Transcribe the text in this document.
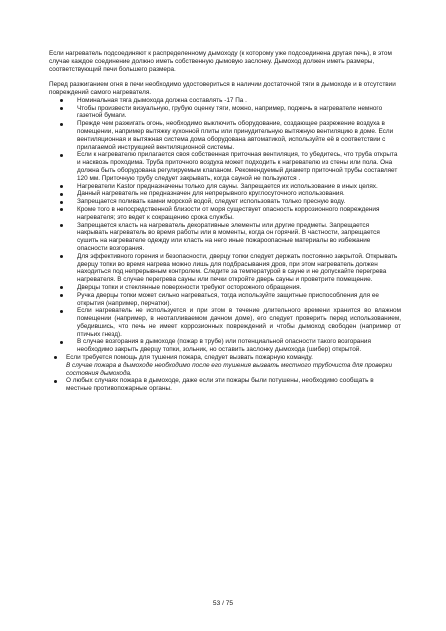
Если нагреватель подсоединяют к распределенному дымоходу (к которому уже подсоединена другая печь), в этом случае каждое соединение должно иметь собственную дымовую заслонку. Дымоход должен иметь размеры, соответствующий печи большего размера.

Перед разжиганием огня в печи необходимо удостовериться в наличии достаточной тяги в дымоходе и в отсутствии повреждений самого нагревателя.

Номинальная тяга дымохода должна составлять -17 Па .
Чтобы произвести визуальную, грубую оценку тяги, можно, например, поджечь в нагревателе немного газетной бумаги.
Прежде чем разжигать огонь, необходимо выключить оборудование, создающее разрежение воздуха в помещении, например вытяжку кухонной плиты или принудительную вытяжную вентиляцию в доме. Если вентиляционная и вытяжная система дома оборудована автоматикой, используйте её в соответствии с прилагаемой инструкцией вентиляционной системы.
Если к нагревателю прилагается своя собственная приточная вентиляция, то убедитесь, что труба открыта и насквозь проходима. Труба приточного воздуха может подходить к нагревателю из стены или пола. Она должна быть оборудована регулируемым клапаном. Рекомендуемый диаметр приточной трубы составляет 120 мм. Приточную трубу следует закрывать, когда сауной не пользуются .
Нагреватели Kastor предназначены только для сауны. Запрещается их использование в иных целях.
Данный нагреватель не предназначен для непрерывного круглосуточного использования.
Запрещается поливать камни морской водой, следует использовать только пресную воду.
Кроме того в непосредственной близости от моря существует опасность коррозионного повреждения нагревателя; это ведет к сокращению срока службы.
Запрещается класть на нагреватель декоративные элементы или другие предметы. Запрещается накрывать нагреватель во время работы или в моменты, когда он горячий. В частности, запрещается сушить на нагревателе одежду или класть на него иные пожароопасные материалы во избежание опасности возгорания.
Для эффективного горения и безопасности, дверцу топки следует держать постоянно закрытой. Открывать дверцу топки во время нагрева можно лишь для подбрасывания дров, при этом нагреватель должен находиться под непрерывным контролем. Следите за температурой в сауне и не допускайте перегрева нагревателя. В случае перегрева сауны или печки откройте дверь сауны и проветрите помещение.
Дверцы топки и стеклянные поверхности требуют осторожного обращения.
Ручка дверцы топки может сильно нагреваться, тогда используйте защитные приспособления для ее открытия (например, перчатки).
Если нагреватель не используется и при этом в течение длительного времени хранится во влажном помещении (например, в неотапливаемом дачном доме), его следует проверить перед использованием, убедившись, что печь не имеет коррозионных повреждений и чтобы дымоход свободен (например от птичьих гнезд).
В случае возгорания в дымоходе (пожар в трубе) или потенциальной опасности такого возгорания необходимо закрыть дверцу топки, зольник, но оставить заслонку дымохода (шибер) открытой.
Если требуется помощь для тушения пожара, следует вызвать пожарную команду.
В случае пожара в дымоходе необходимо после его тушения вызвать местного трубочиста для проверки состояния дымохода.
О любых случаях пожара в дымоходе, даже если эти пожары были потушены, необходимо сообщать в местные противопожарные органы.
53 / 75
